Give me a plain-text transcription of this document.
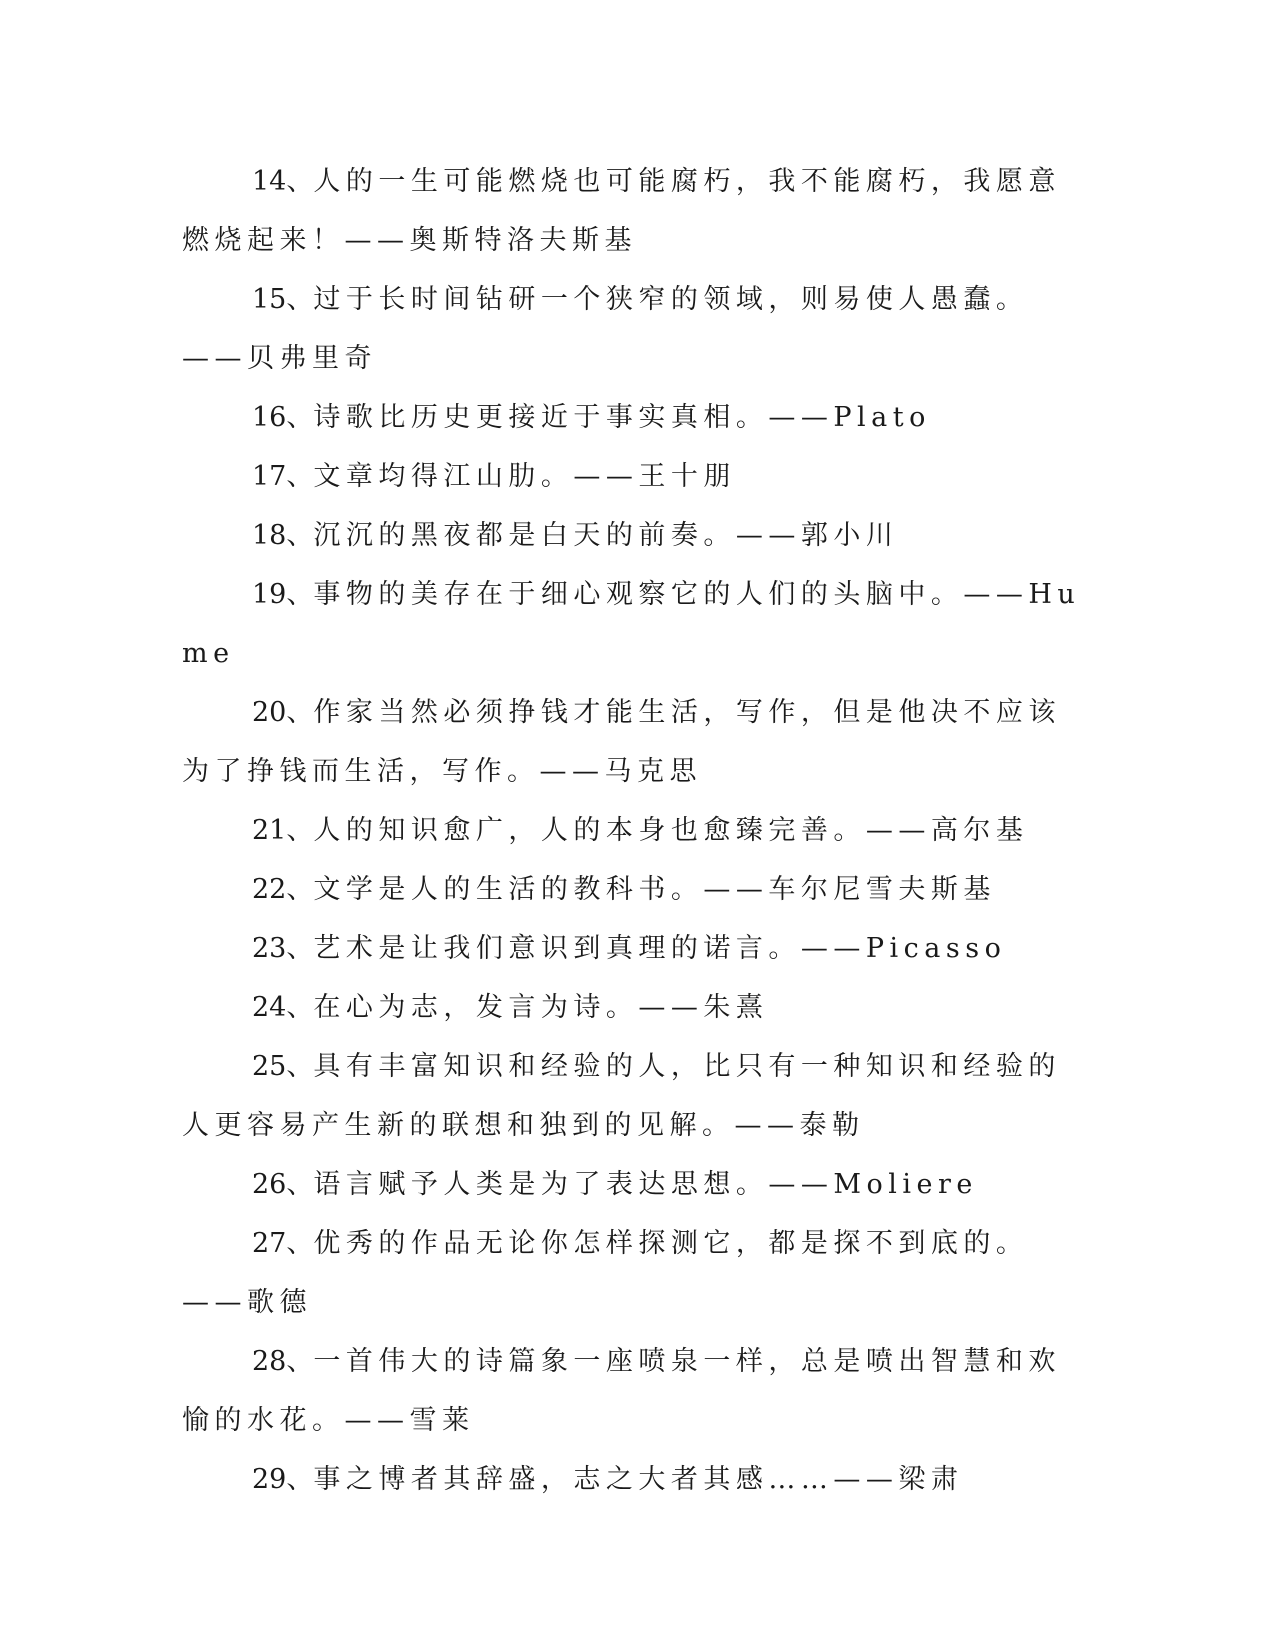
14、人的一生可能燃烧也可能腐朽，我不能腐朽，我愿意燃烧起来！——奥斯特洛夫斯基

15、过于长时间钻研一个狭窄的领域，则易使人愚蠢。——贝弗里奇

16、诗歌比历史更接近于事实真相。——Plato

17、文章均得江山肋。——王十朋

18、沉沉的黑夜都是白天的前奏。——郭小川

19、事物的美存在于细心观察它的人们的头脑中。——Hume

20、作家当然必须挣钱才能生活，写作，但是他决不应该为了挣钱而生活，写作。——马克思

21、人的知识愈广，人的本身也愈臻完善。——高尔基

22、文学是人的生活的教科书。——车尔尼雪夫斯基

23、艺术是让我们意识到真理的诺言。——Picasso

24、在心为志，发言为诗。——朱熹

25、具有丰富知识和经验的人，比只有一种知识和经验的人更容易产生新的联想和独到的见解。——泰勒

26、语言赋予人类是为了表达思想。——Moliere

27、优秀的作品无论你怎样探测它，都是探不到底的。——歌德

28、一首伟大的诗篇象一座喷泉一样，总是喷出智慧和欢愉的水花。——雪莱

29、事之博者其辞盛，志之大者其感……——梁肃
